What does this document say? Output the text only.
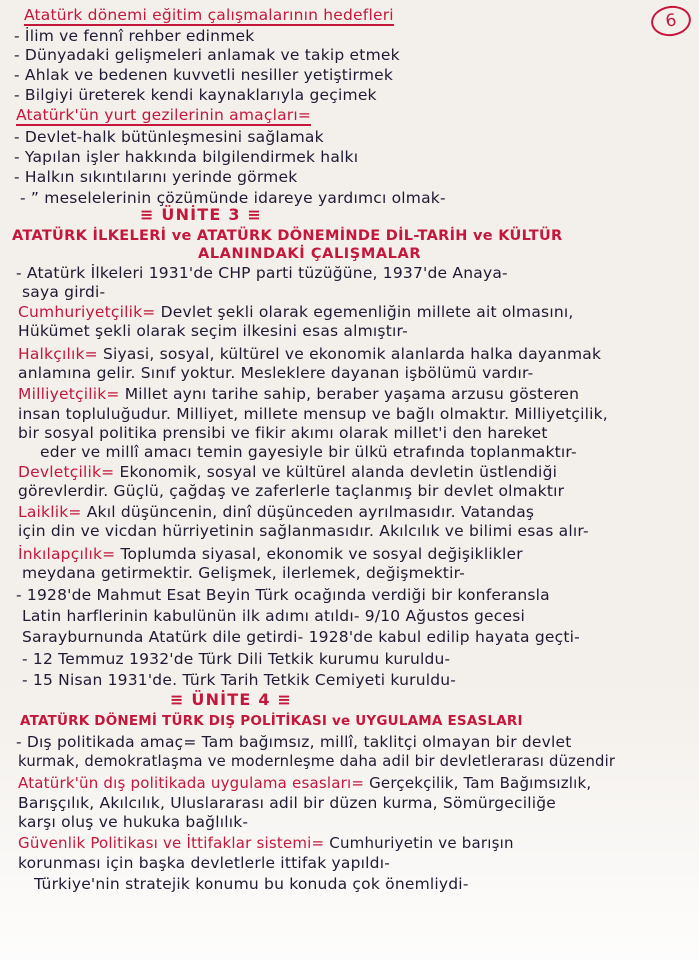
6
Atatürk dönemi eğitim çalışmalarının hedefleri
- İlim ve fennî rehber edinmek
- Dünyadaki gelişmeleri anlamak ve takip etmek
- Ahlak ve bedenen kuvvetli nesiller yetiştirmek
- Bilgiyi üreterek kendi kaynaklarıyla geçimek
Atatürk'ün yurt gezilerinin amaçları=
- Devlet-halk bütünleşmesini sağlamak
- Yapılan işler hakkında bilgilendirmek halkı
- Halkın sıkıntılarını yerinde görmek
- ” meselelerinin çözümünde idareye yardımcı olmak-
≡ ÜNİTE 3 ≡
ATATÜRK İLKELERİ ve ATATÜRK DÖNEMİNDE DİL-TARİH ve KÜLTÜR
ALANINDAKİ ÇALIŞMALAR
- Atatürk İlkeleri 1931'de CHP parti tüzüğüne, 1937'de Anaya-
saya girdi-
Cumhuriyetçilik= Devlet şekli olarak egemenliğin millete ait olmasını,
Hükümet şekli olarak seçim ilkesini esas almıştır-
Halkçılık= Siyasi, sosyal, kültürel ve ekonomik alanlarda halka dayanmak
anlamına gelir. Sınıf yoktur. Mesleklere dayanan işbölümü vardır-
Milliyetçilik= Millet aynı tarihe sahip, beraber yaşama arzusu gösteren
insan topluluğudur. Milliyet, millete mensup ve bağlı olmaktır. Milliyetçilik,
bir sosyal politika prensibi ve fikir akımı olarak millet'i den hareket
eder ve millî amacı temin gayesiyle bir ülkü etrafında toplanmaktır-
Devletçilik= Ekonomik, sosyal ve kültürel alanda devletin üstlendiği
görevlerdir. Güçlü, çağdaş ve zaferlerle taçlanmış bir devlet olmaktır
Laiklik= Akıl düşüncenin, dinî düşünceden ayrılmasıdır. Vatandaş
için din ve vicdan hürriyetinin sağlanmasıdır. Akılcılık ve bilimi esas alır-
İnkılapçılık= Toplumda siyasal, ekonomik ve sosyal değişiklikler
meydana getirmektir. Gelişmek, ilerlemek, değişmektir-
- 1928'de Mahmut Esat Beyin Türk ocağında verdiği bir konferansla
Latin harflerinin kabulünün ilk adımı atıldı- 9/10 Ağustos gecesi
Sarayburnunda Atatürk dile getirdi- 1928'de kabul edilip hayata geçti-
- 12 Temmuz 1932'de Türk Dili Tetkik kurumu kuruldu-
- 15 Nisan 1931'de. Türk Tarih Tetkik Cemiyeti kuruldu-
≡ ÜNİTE 4 ≡
ATATÜRK DÖNEMİ TÜRK DIŞ POLİTİKASI ve UYGULAMA ESASLARI
- Dış politikada amaç= Tam bağımsız, millî, taklitçi olmayan bir devlet
kurmak, demokratlaşma ve modernleşme daha adil bir devletlerarası düzendir
Atatürk'ün dış politikada uygulama esasları= Gerçekçilik, Tam Bağımsızlık,
Barışçılık, Akılcılık, Uluslararası adil bir düzen kurma, Sömürgeciliğe
karşı oluş ve hukuka bağlılık-
Güvenlik Politikası ve İttifaklar sistemi= Cumhuriyetin ve barışın
korunması için başka devletlerle ittifak yapıldı-
Türkiye'nin stratejik konumu bu konuda çok önemliydi-
